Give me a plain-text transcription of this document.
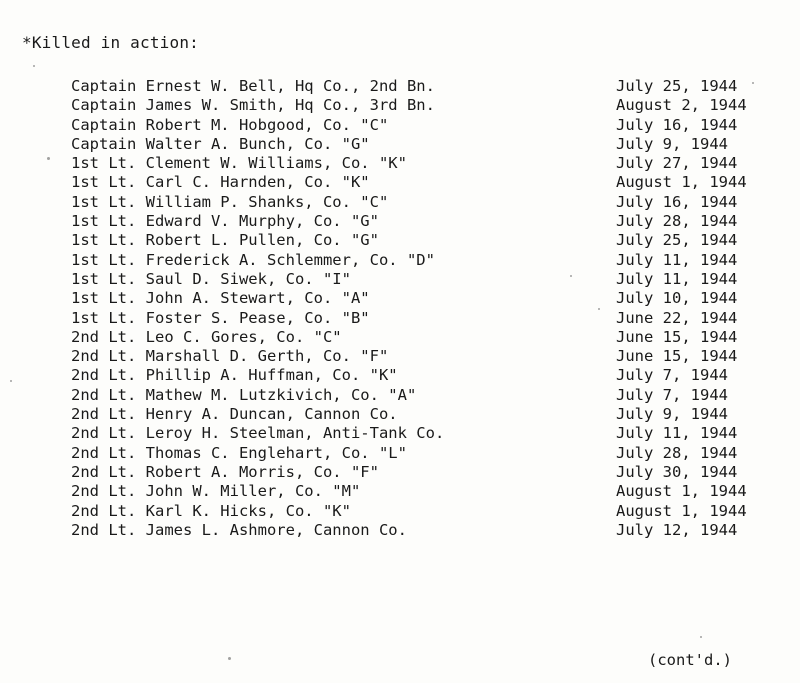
*Killed in action:
Captain Ernest W. Bell, Hq Co., 2nd Bn.	July 25, 1944
Captain James W. Smith, Hq Co., 3rd Bn.	August 2, 1944
Captain Robert M. Hobgood, Co. "C"	July 16, 1944
Captain Walter A. Bunch, Co. "G"	July 9, 1944
1st Lt. Clement W. Williams, Co. "K"	July 27, 1944
1st Lt. Carl C. Harnden, Co. "K"	August 1, 1944
1st Lt. William P. Shanks, Co. "C"	July 16, 1944
1st Lt. Edward V. Murphy, Co. "G"	July 28, 1944
1st Lt. Robert L. Pullen, Co. "G"	July 25, 1944
1st Lt. Frederick A. Schlemmer, Co. "D"	July 11, 1944
1st Lt. Saul D. Siwek, Co. "I"	July 11, 1944
1st Lt. John A. Stewart, Co. "A"	July 10, 1944
1st Lt. Foster S. Pease, Co. "B"	June 22, 1944
2nd Lt. Leo C. Gores, Co. "C"	June 15, 1944
2nd Lt. Marshall D. Gerth, Co. "F"	June 15, 1944
2nd Lt. Phillip A. Huffman, Co. "K"	July 7, 1944
2nd Lt. Mathew M. Lutzkivich, Co. "A"	July 7, 1944
2nd Lt. Henry A. Duncan, Cannon Co.	July 9, 1944
2nd Lt. Leroy H. Steelman, Anti-Tank Co.	July 11, 1944
2nd Lt. Thomas C. Englehart, Co. "L"	July 28, 1944
2nd Lt. Robert A. Morris, Co. "F"	July 30, 1944
2nd Lt. John W. Miller, Co. "M"	August 1, 1944
2nd Lt. Karl K. Hicks, Co. "K"	August 1, 1944
2nd Lt. James L. Ashmore, Cannon Co.	July 12, 1944
(cont'd.)
